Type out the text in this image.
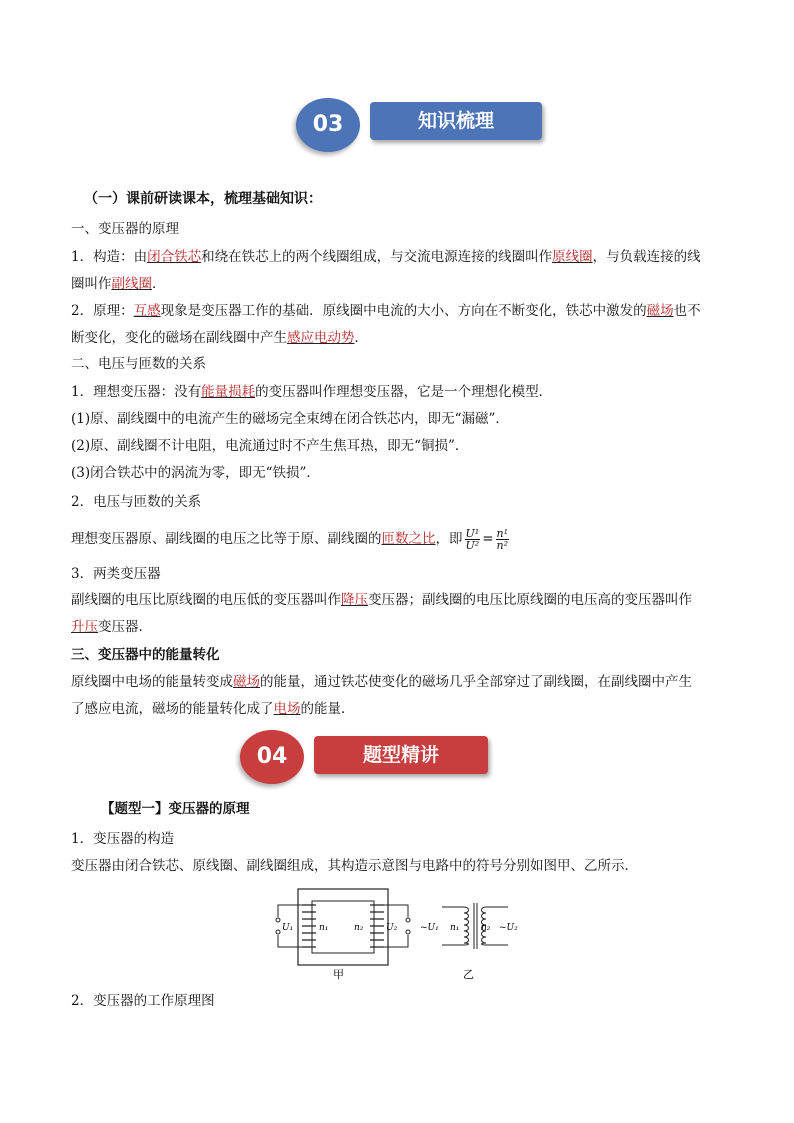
知识梳理
03
（一）课前研读课本，梳理基础知识：
一、变压器的原理
1．构造：由闭合铁芯和绕在铁芯上的两个线圈组成，与交流电源连接的线圈叫作原线圈，与负载连接的线
圈叫作副线圈．
2．原理：互感现象是变压器工作的基础．原线圈中电流的大小、方向在不断变化，铁芯中激发的磁场也不
断变化，变化的磁场在副线圈中产生感应电动势．
二、电压与匝数的关系
1．理想变压器：没有能量损耗的变压器叫作理想变压器，它是一个理想化模型．
(1)原、副线圈中的电流产生的磁场完全束缚在闭合铁芯内，即无“漏磁”．
(2)原、副线圈不计电阻，电流通过时不产生焦耳热，即无“铜损”．
(3)闭合铁芯中的涡流为零，即无“铁损”．
2．电压与匝数的关系
理想变压器原、副线圈的电压之比等于原、副线圈的匝数之比，即 $\frac{\text{U¹}}{\text{U²}} = \frac{\text{n¹}}{\text{n²}}$
3．两类变压器
副线圈的电压比原线圈的电压低的变压器叫作降压变压器；副线圈的电压比原线圈的电压高的变压器叫作
升压变压器．
三、变压器中的能量转化
原线圈中电场的能量转变成磁场的能量，通过铁芯使变化的磁场几乎全部穿过了副线圈，在副线圈中产生
了感应电流，磁场的能量转化成了电场的能量．
题型精讲
04
【题型一】变压器的原理
1．变压器的构造
变压器由闭合铁芯、原线圈、副线圈组成，其构造示意图与电路中的符号分别如图甲、乙所示．
U₁	U₂
n₁	n₂
甲
~U₁ n₁ n₂ ~U₂
乙
2．变压器的工作原理图
